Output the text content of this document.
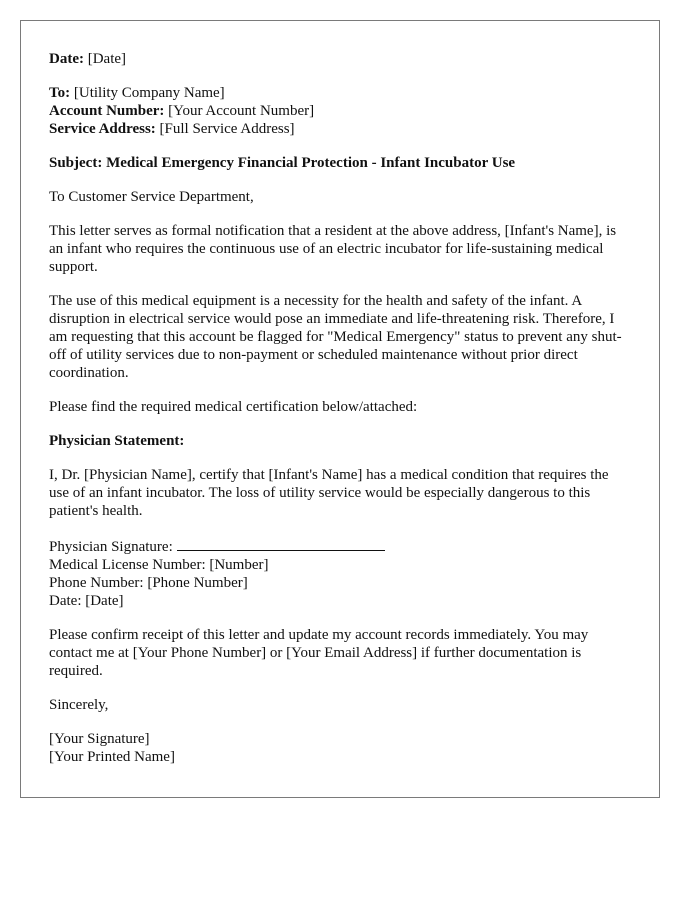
Date: [Date]

To: [Utility Company Name]

Account Number: [Your Account Number]

Service Address: [Full Service Address]

Subject: Medical Emergency Financial Protection - Infant Incubator Use

To Customer Service Department,

This letter serves as formal notification that a resident at the above address, [Infant's Name], is an infant who requires the continuous use of an electric incubator for life-sustaining medical support.

The use of this medical equipment is a necessity for the health and safety of the infant. A disruption in electrical service would pose an immediate and life-threatening risk. Therefore, I am requesting that this account be flagged for "Medical Emergency" status to prevent any shut-off of utility services due to non-payment or scheduled maintenance without prior direct coordination.

Please find the required medical certification below/attached:

Physician Statement:

I, Dr. [Physician Name], certify that [Infant's Name] has a medical condition that requires the use of an infant incubator. The loss of utility service would be especially dangerous to this patient's health.

Physician Signature:

Medical License Number: [Number]

Phone Number: [Phone Number]

Date: [Date]

Please confirm receipt of this letter and update my account records immediately. You may contact me at [Your Phone Number] or [Your Email Address] if further documentation is required.

Sincerely,

[Your Signature]

[Your Printed Name]
